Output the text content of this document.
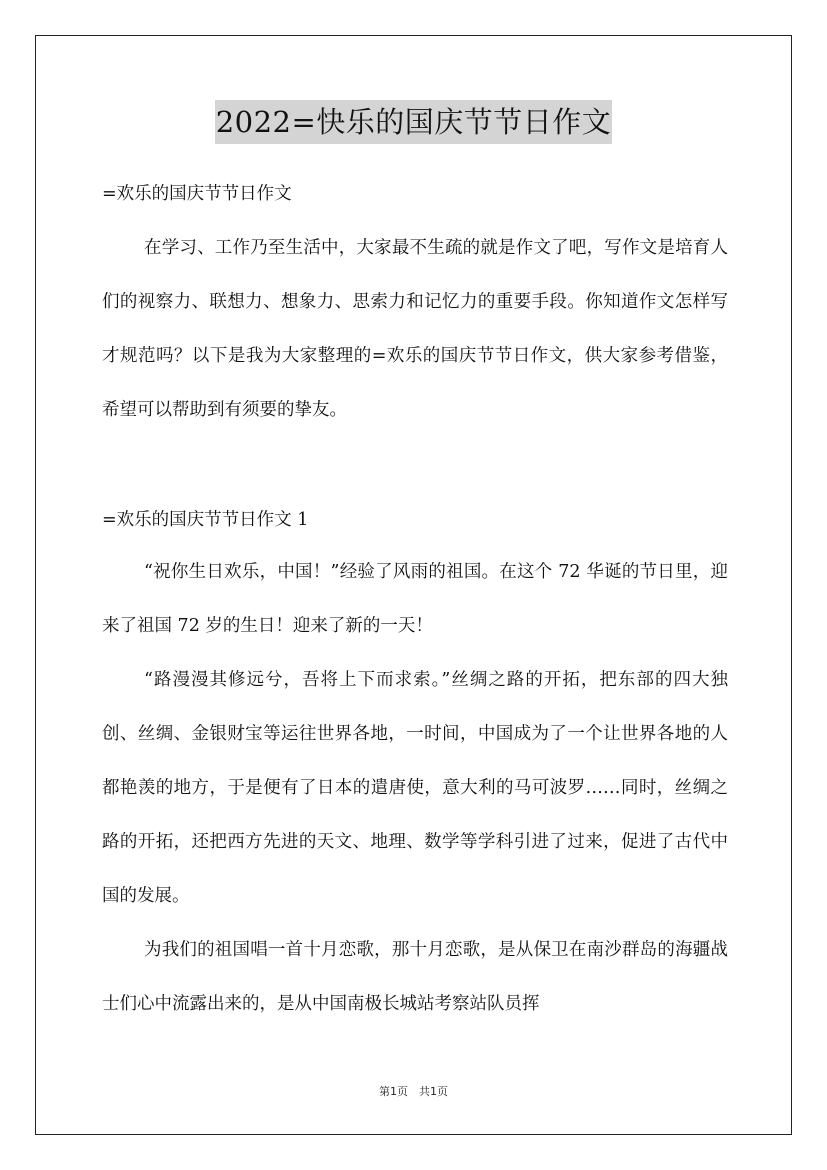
2022=快乐的国庆节节日作文
=欢乐的国庆节节日作文
在学习、工作乃至生活中，大家最不生疏的就是作文了吧，写作文是培育人们的视察力、联想力、想象力、思索力和记忆力的重要手段。你知道作文怎样写才规范吗？以下是我为大家整理的=欢乐的国庆节节日作文，供大家参考借鉴，希望可以帮助到有须要的挚友。
=欢乐的国庆节节日作文 1
“祝你生日欢乐，中国！”经验了风雨的祖国。在这个 72 华诞的节日里，迎来了祖国 72 岁的生日！迎来了新的一天！
“路漫漫其修远兮，吾将上下而求索。”丝绸之路的开拓，把东部的四大独创、丝绸、金银财宝等运往世界各地，一时间，中国成为了一个让世界各地的人都艳羡的地方，于是便有了日本的遣唐使，意大利的马可波罗……同时，丝绸之路的开拓，还把西方先进的天文、地理、数学等学科引进了过来，促进了古代中国的发展。
为我们的祖国唱一首十月恋歌，那十月恋歌，是从保卫在南沙群岛的海疆战士们心中流露出来的，是从中国南极长城站考察站队员挥
第1页　共1页
